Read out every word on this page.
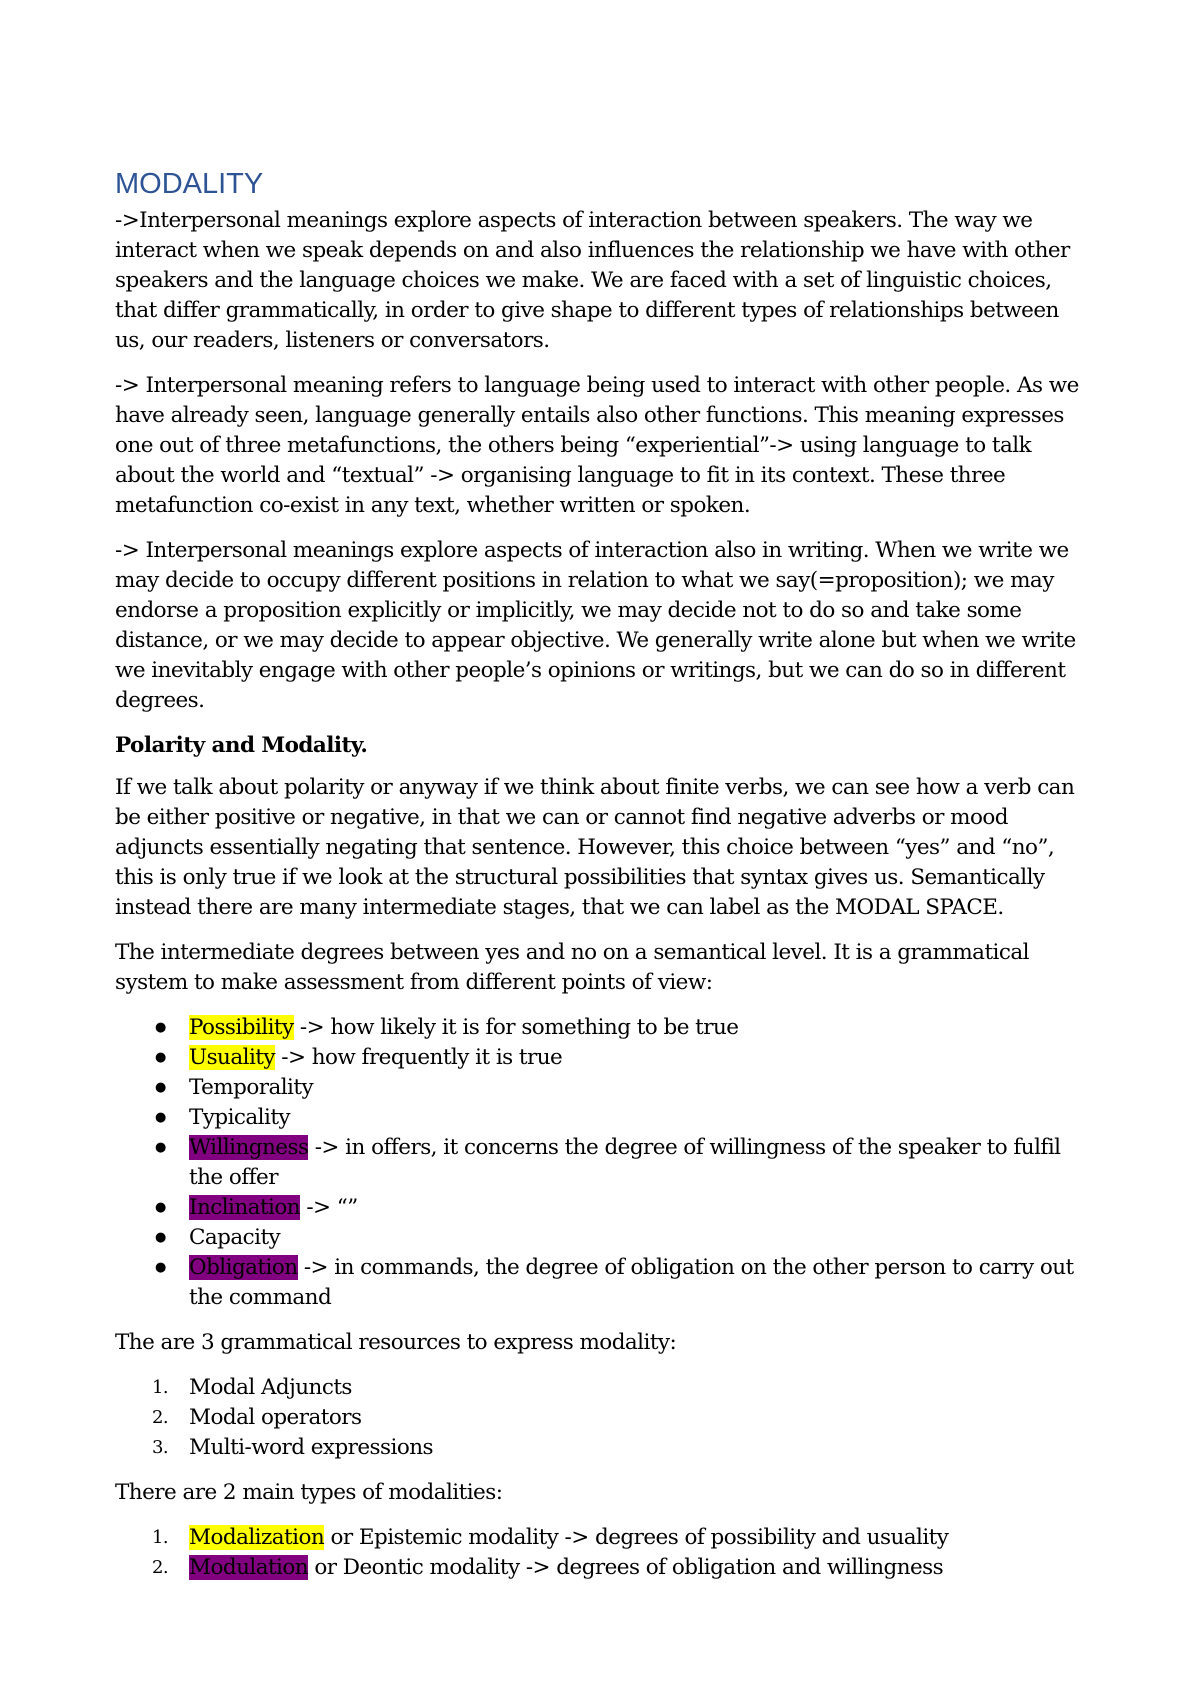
MODALITY

->Interpersonal meanings explore aspects of interaction between speakers. The way we interact when we speak depends on and also influences the relationship we have with other speakers and the language choices we make. We are faced with a set of linguistic choices, that differ grammatically, in order to give shape to different types of relationships between us, our readers, listeners or conversators.

-> Interpersonal meaning refers to language being used to interact with other people. As we have already seen, language generally entails also other functions. This meaning expresses one out of three metafunctions, the others being “experiential”-> using language to talk about the world and “textual” -> organising language to fit in its context. These three metafunction co-exist in any text, whether written or spoken.

-> Interpersonal meanings explore aspects of interaction also in writing. When we write we may decide to occupy different positions in relation to what we say(=proposition); we may endorse a proposition explicitly or implicitly, we may decide not to do so and take some distance, or we may decide to appear objective. We generally write alone but when we write we inevitably engage with other people’s opinions or writings, but we can do so in different degrees.

Polarity and Modality.

If we talk about polarity or anyway if we think about finite verbs, we can see how a verb can be either positive or negative, in that we can or cannot find negative adverbs or mood adjuncts essentially negating that sentence. However, this choice between “yes” and “no”, this is only true if we look at the structural possibilities that syntax gives us. Semantically instead there are many intermediate stages, that we can label as the MODAL SPACE.

The intermediate degrees between yes and no on a semantical level. It is a grammatical system to make assessment from different points of view:

● Possibility -> how likely it is for something to be true
● Usuality -> how frequently it is true
● Temporality
● Typicality
● Willingness -> in offers, it concerns the degree of willingness of the speaker to fulfil the offer
● Inclination -> “”
● Capacity
● Obligation -> in commands, the degree of obligation on the other person to carry out the command

The are 3 grammatical resources to express modality:

1. Modal Adjuncts
2. Modal operators
3. Multi-word expressions

There are 2 main types of modalities:

1. Modalization or Epistemic modality -> degrees of possibility and usuality
2. Modulation or Deontic modality -> degrees of obligation and willingness
